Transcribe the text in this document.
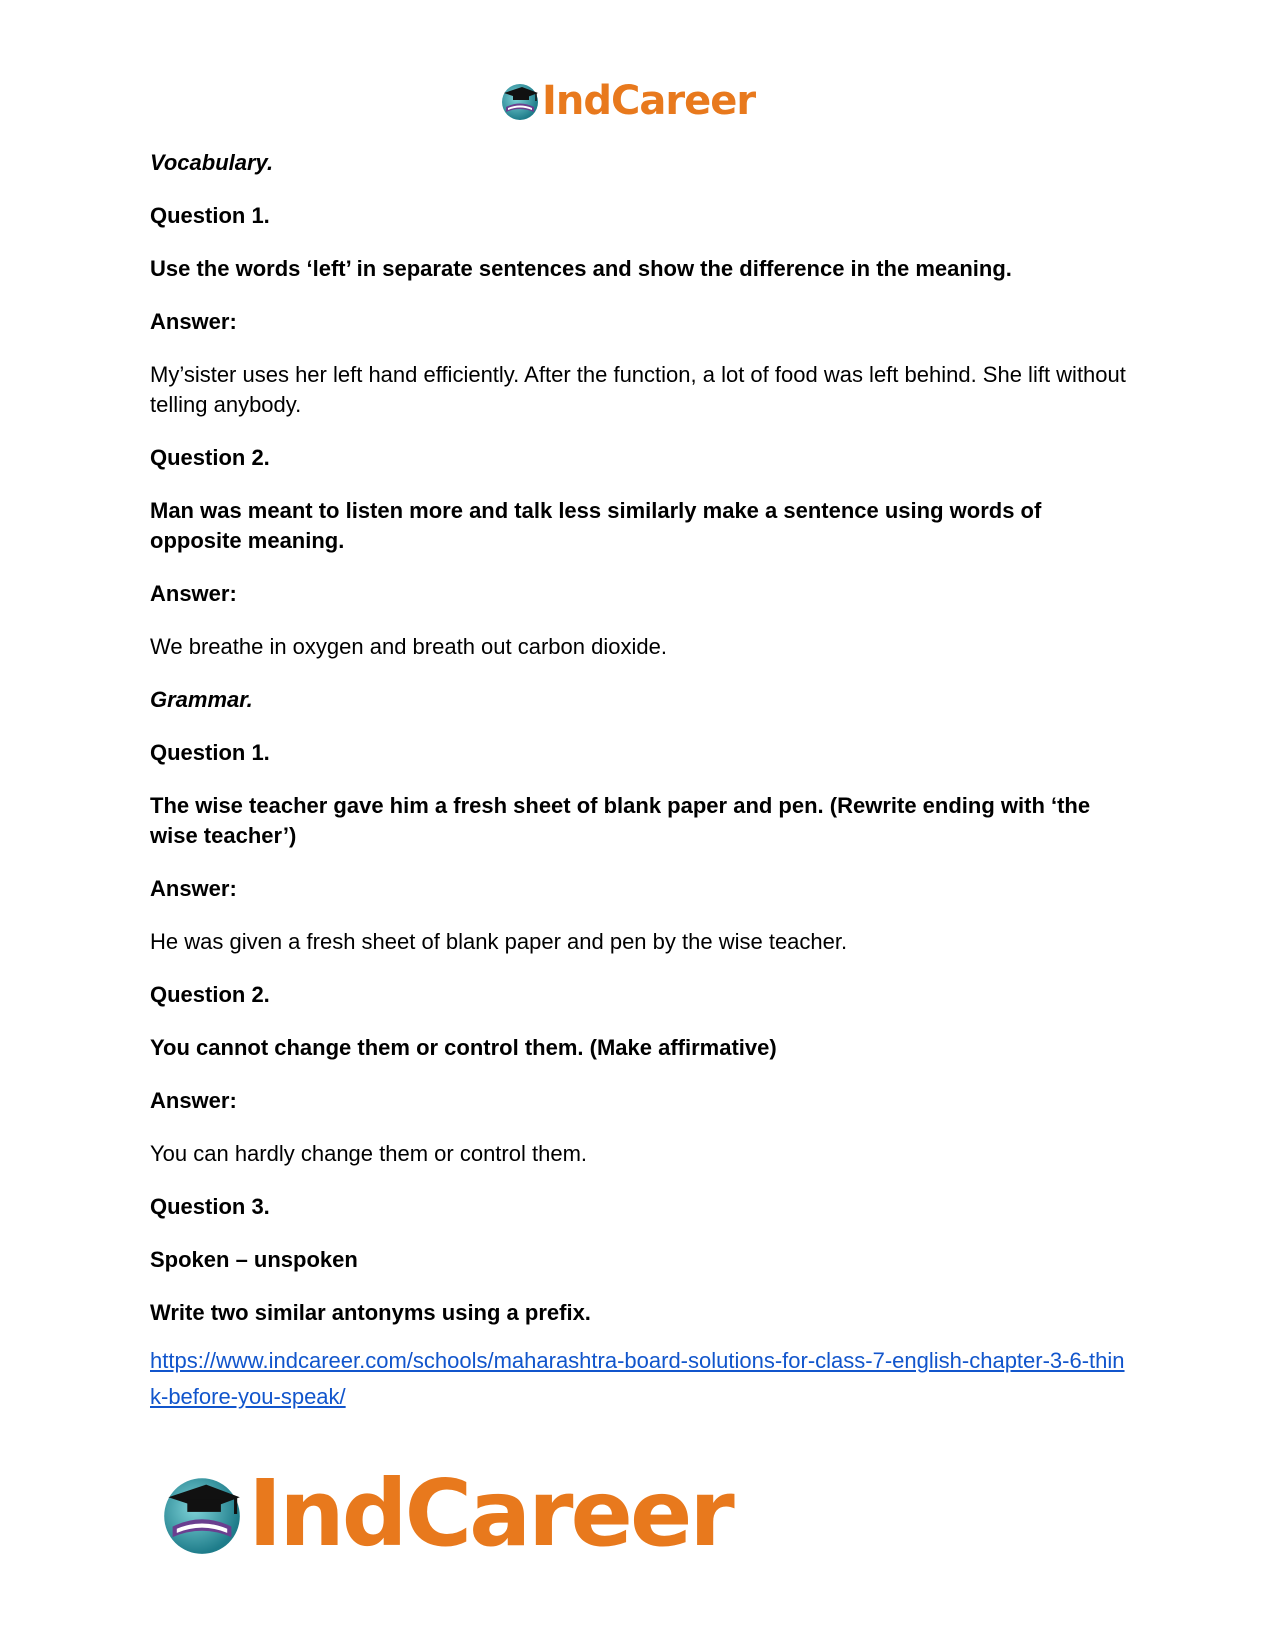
IndCareer

Vocabulary.

Question 1.

Use the words ‘left’ in separate sentences and show the difference in the meaning.

Answer:

My’sister uses her left hand efficiently. After the function, a lot of food was left behind. She lift without telling anybody.

Question 2.

Man was meant to listen more and talk less similarly make a sentence using words of opposite meaning.

Answer:

We breathe in oxygen and breath out carbon dioxide.

Grammar.

Question 1.

The wise teacher gave him a fresh sheet of blank paper and pen. (Rewrite ending with ‘the wise teacher’)

Answer:

He was given a fresh sheet of blank paper and pen by the wise teacher.

Question 2.

You cannot change them or control them. (Make affirmative)

Answer:

You can hardly change them or control them.

Question 3.

Spoken – unspoken

Write two similar antonyms using a prefix.

https://www.indcareer.com/schools/maharashtra-board-solutions-for-class-7-english-chapter-3-6-think-before-you-speak/
IndCareer
